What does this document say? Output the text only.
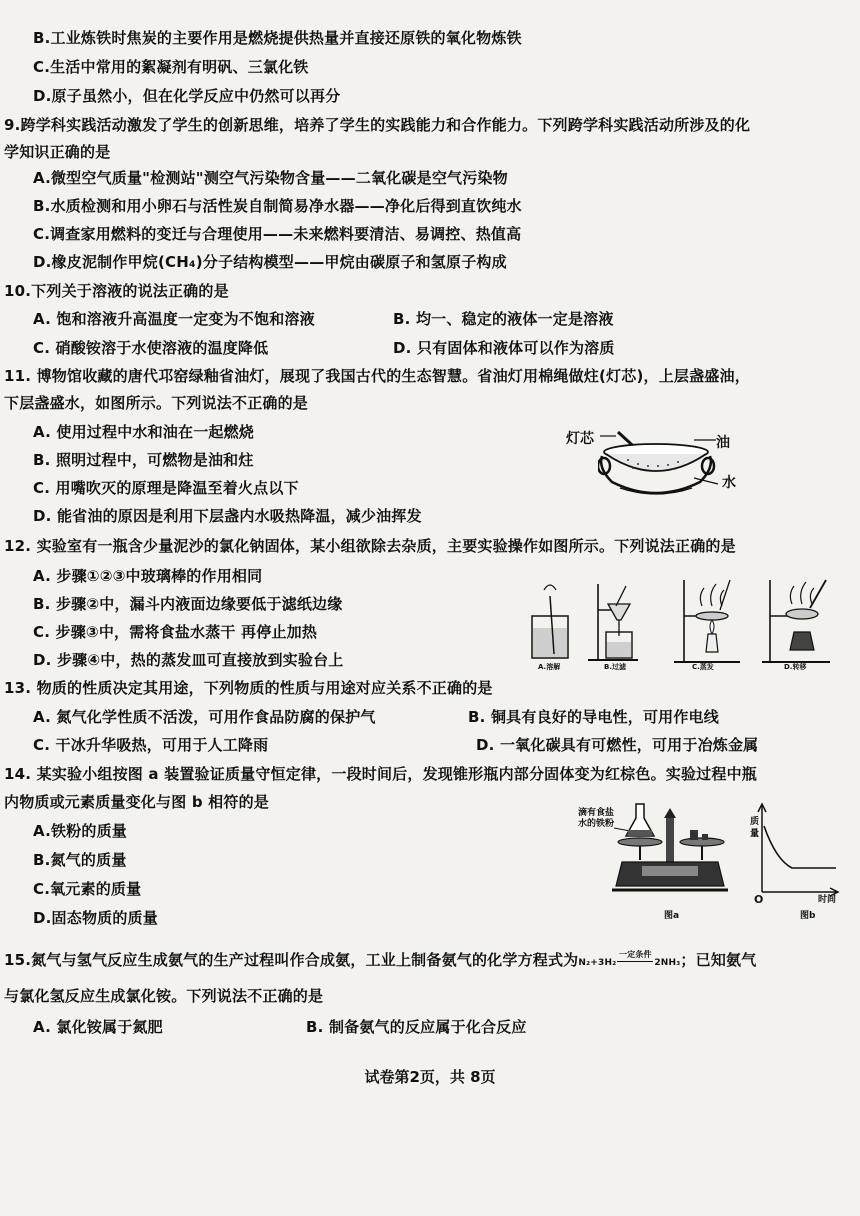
B.工业炼铁时焦炭的主要作用是燃烧提供热量并直接还原铁的氧化物炼铁
C.生活中常用的絮凝剂有明矾、三氯化铁
D.原子虽然小，但在化学反应中仍然可以再分
9.跨学科实践活动激发了学生的创新思维，培养了学生的实践能力和合作能力。下列跨学科实践活动所涉及的化
学知识正确的是
A.微型空气质量"检测站"测空气污染物含量——二氧化碳是空气污染物
B.水质检测和用小卵石与活性炭自制简易净水器——净化后得到直饮纯水
C.调查家用燃料的变迁与合理使用——未来燃料要清洁、易调控、热值高
D.橡皮泥制作甲烷(CH₄)分子结构模型——甲烷由碳原子和氢原子构成
10.下列关于溶液的说法正确的是
A. 饱和溶液升高温度一定变为不饱和溶液	B. 均一、稳定的液体一定是溶液
C. 硝酸铵溶于水使溶液的温度降低	D. 只有固体和液体可以作为溶质
11. 博物馆收藏的唐代邛窑绿釉省油灯，展现了我国古代的生态智慧。省油灯用棉绳做炷(灯芯)，上层盏盛油，
下层盏盛水，如图所示。下列说法不正确的是
A. 使用过程中水和油在一起燃烧
B. 照明过程中，可燃物是油和炷
C. 用嘴吹灭的原理是降温至着火点以下
D. 能省油的原因是利用下层盏内水吸热降温，减少油挥发
灯芯	油
水
12. 实验室有一瓶含少量泥沙的氯化钠固体，某小组欲除去杂质，主要实验操作如图所示。下列说法正确的是
A. 步骤①②③中玻璃棒的作用相同
B. 步骤②中，漏斗内液面边缘要低于滤纸边缘
C. 步骤③中，需将食盐水蒸干 再停止加热
D. 步骤④中，热的蒸发皿可直接放到实验台上	A.溶解	B.过滤	C.蒸发	D.转移
13. 物质的性质决定其用途，下列物质的性质与用途对应关系不正确的是
A. 氮气化学性质不活泼，可用作食品防腐的保护气	B. 铜具有良好的导电性，可用作电线
C. 干冰升华吸热，可用于人工降雨	D. 一氧化碳具有可燃性，可用于冶炼金属
14. 某实验小组按图 a 装置验证质量守恒定律，一段时间后，发现锥形瓶内部分固体变为红棕色。实验过程中瓶
内物质或元素质量变化与图 b 相符的是
A.铁粉的质量
B.氮气的质量
C.氧元素的质量
D.固态物质的质量
滴有食盐
水的铁粉
图a
质
量
O	时间
图b
15.氮气与氢气反应生成氨气的生产过程叫作合成氨，工业上制备氨气的化学方程式为N₂+3H₂
一定条件
2NH₃；已知氨气
与氯化氢反应生成氯化铵。下列说法不正确的是
A. 氯化铵属于氮肥	B. 制备氨气的反应属于化合反应
试卷第2页，共 8页
